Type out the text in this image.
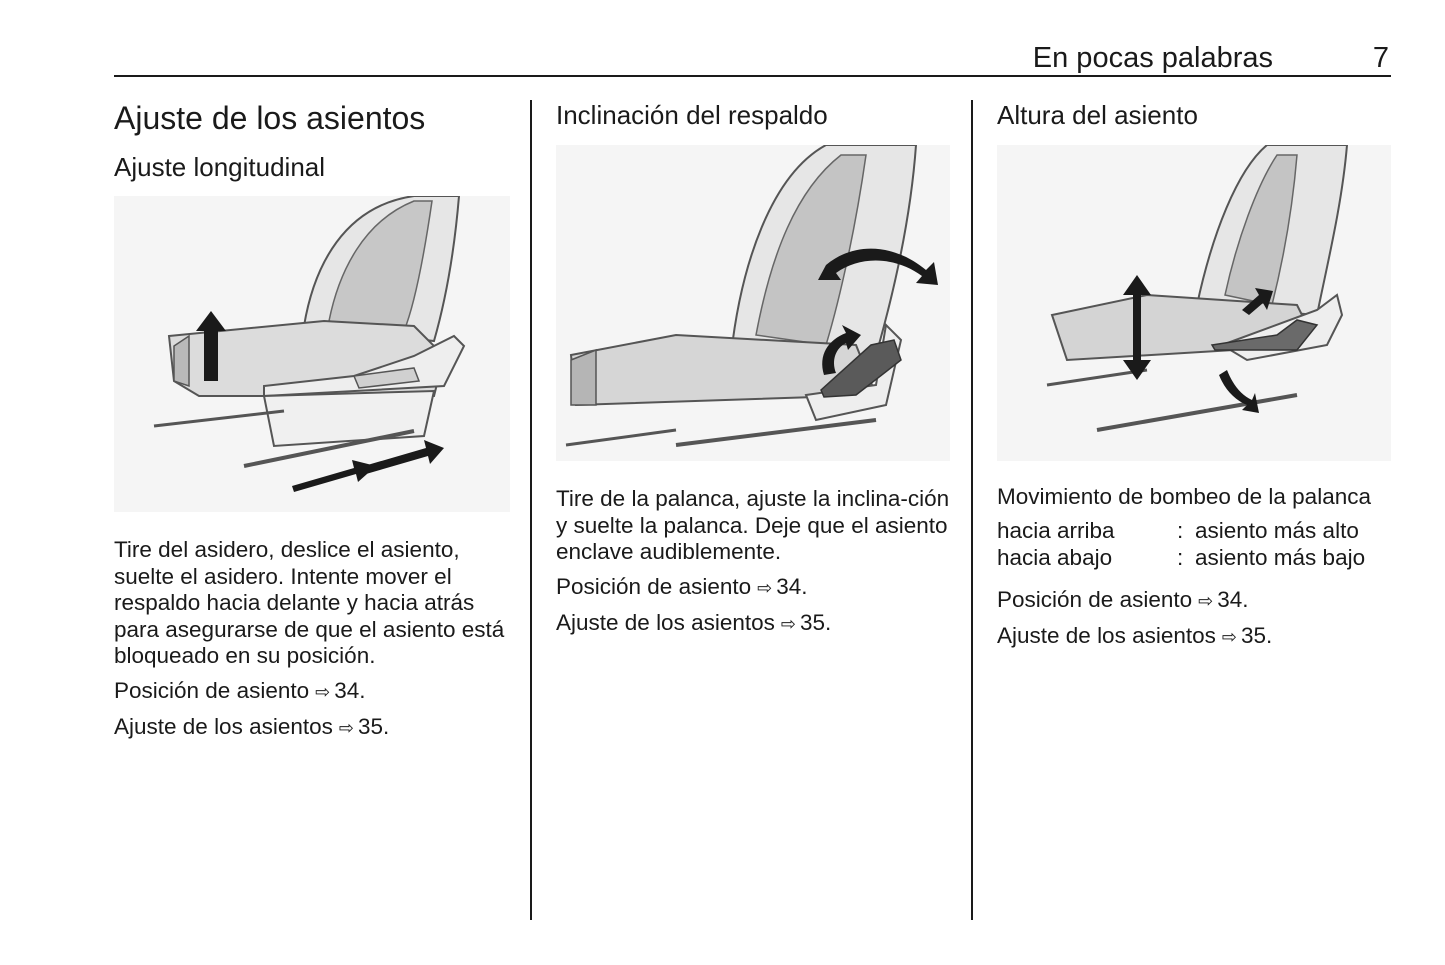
En pocas palabras	7
Ajuste de los asientos
Ajuste longitudinal

Tire del asidero, deslice el asiento, suelte el asidero. Intente mover el respaldo hacia delante y hacia atrás para asegurarse de que el asiento está bloqueado en su posición.

Posición de asiento ⇨ 34.

Ajuste de los asientos ⇨ 35.

Inclinación del respaldo

Tire de la palanca, ajuste la inclina-ción y suelte la palanca. Deje que el asiento enclave audiblemente.

Posición de asiento ⇨ 34.

Ajuste de los asientos ⇨ 35.

Altura del asiento

Movimiento de bombeo de la palanca

hacia arriba	: asiento más alto
hacia abajo	: asiento más bajo

Posición de asiento ⇨ 34.

Ajuste de los asientos ⇨ 35.
